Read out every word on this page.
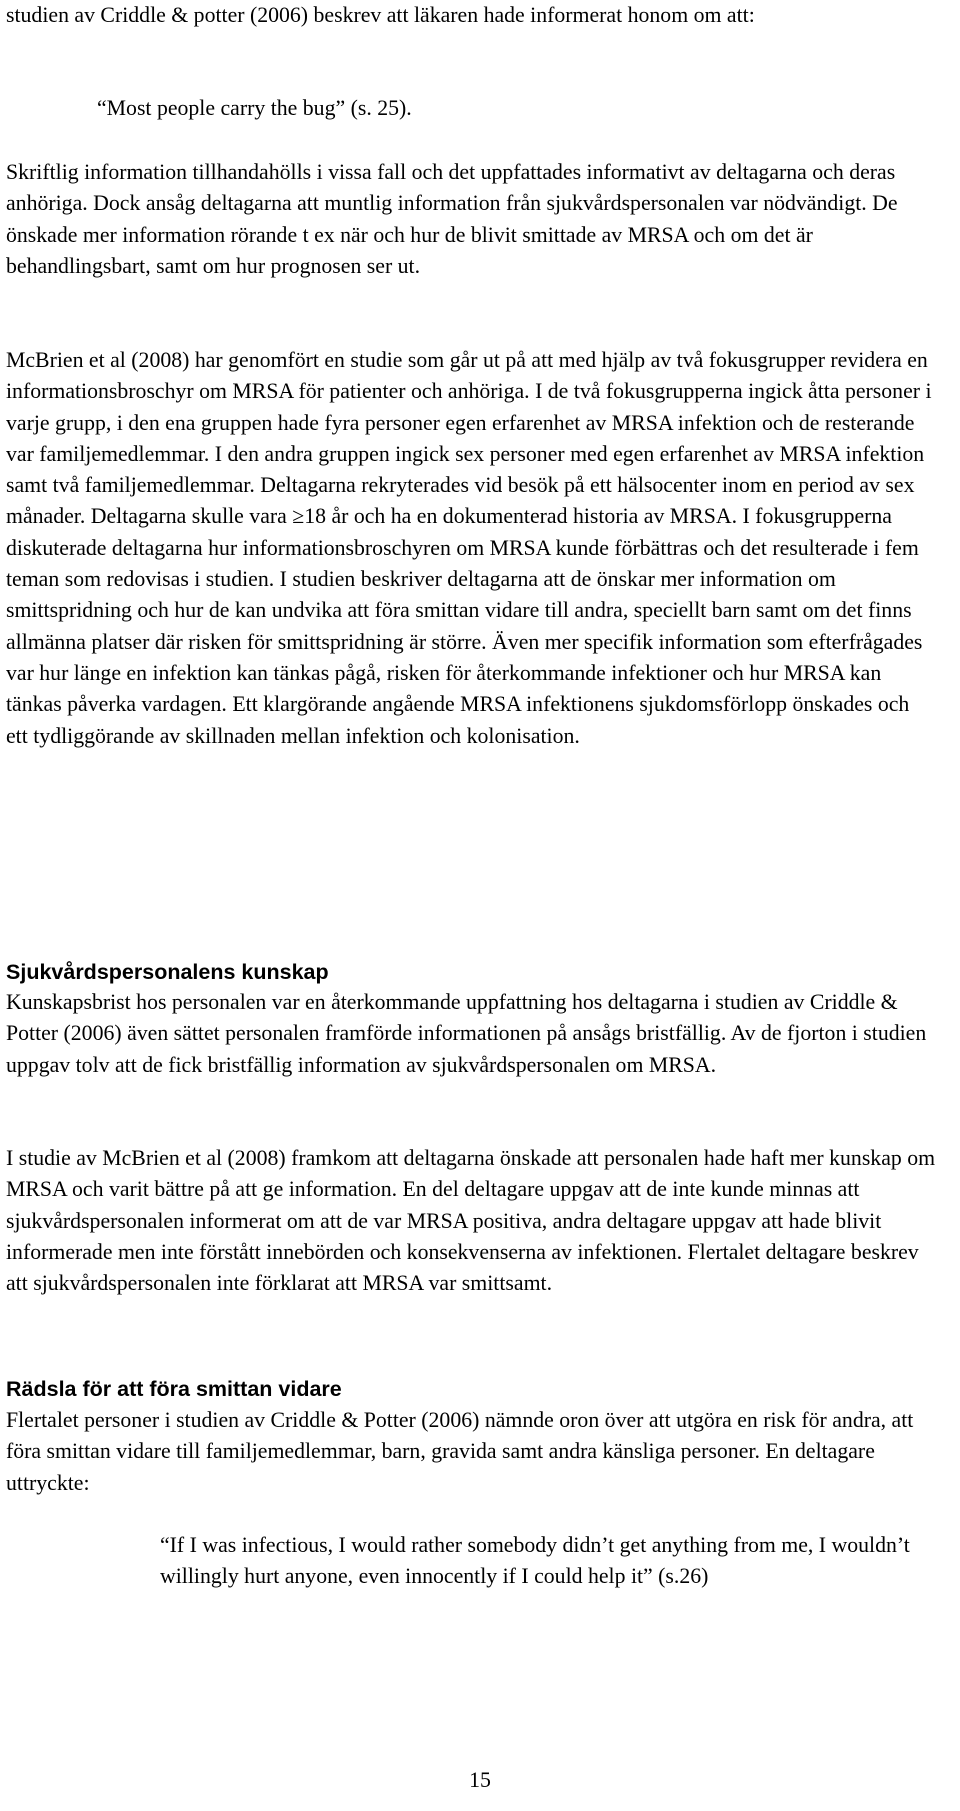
studien av Criddle & potter (2006) beskrev att läkaren hade informerat honom om att:

“Most people carry the bug” (s. 25).

Skriftlig information tillhandahölls i vissa fall och det uppfattades informativt av deltagarna och deras anhöriga. Dock ansåg deltagarna att muntlig information från sjukvårdspersonalen var nödvändigt. De önskade mer information rörande t ex när och hur de blivit smittade av MRSA och om det är behandlingsbart, samt om hur prognosen ser ut.

McBrien et al (2008) har genomfört en studie som går ut på att med hjälp av två fokusgrupper revidera en informationsbroschyr om MRSA för patienter och anhöriga. I de två fokusgrupperna ingick åtta personer i varje grupp, i den ena gruppen hade fyra personer egen erfarenhet av MRSA infektion och de resterande var familjemedlemmar. I den andra gruppen ingick sex personer med egen erfarenhet av MRSA infektion samt två familjemedlemmar. Deltagarna rekryterades vid besök på ett hälsocenter inom en period av sex månader. Deltagarna skulle vara ≥18 år och ha en dokumenterad historia av MRSA. I fokusgrupperna diskuterade deltagarna hur informationsbroschyren om MRSA kunde förbättras och det resulterade i fem teman som redovisas i studien. I studien beskriver deltagarna att de önskar mer information om smittspridning och hur de kan undvika att föra smittan vidare till andra, speciellt barn samt om det finns allmänna platser där risken för smittspridning är större. Även mer specifik information som efterfrågades var hur länge en infektion kan tänkas pågå, risken för återkommande infektioner och hur MRSA kan tänkas påverka vardagen. Ett klargörande angående MRSA infektionens sjukdomsförlopp önskades och ett tydliggörande av skillnaden mellan infektion och kolonisation.

Sjukvårdspersonalens kunskap

Kunskapsbrist hos personalen var en återkommande uppfattning hos deltagarna i studien av Criddle & Potter (2006) även sättet personalen framförde informationen på ansågs bristfällig. Av de fjorton i studien uppgav tolv att de fick bristfällig information av sjukvårdspersonalen om MRSA.

I studie av McBrien et al (2008) framkom att deltagarna önskade att personalen hade haft mer kunskap om MRSA och varit bättre på att ge information. En del deltagare uppgav att de inte kunde minnas att sjukvårdspersonalen informerat om att de var MRSA positiva, andra deltagare uppgav att hade blivit informerade men inte förstått innebörden och konsekvenserna av infektionen. Flertalet deltagare beskrev att sjukvårdspersonalen inte förklarat att MRSA var smittsamt.

Rädsla för att föra smittan vidare

Flertalet personer i studien av Criddle & Potter (2006) nämnde oron över att utgöra en risk för andra, att föra smittan vidare till familjemedlemmar, barn, gravida samt andra känsliga personer. En deltagare uttryckte:

“If I was infectious, I would rather somebody didn’t get anything from me, I wouldn’t willingly hurt anyone, even innocently if I could help it” (s.26)

15
